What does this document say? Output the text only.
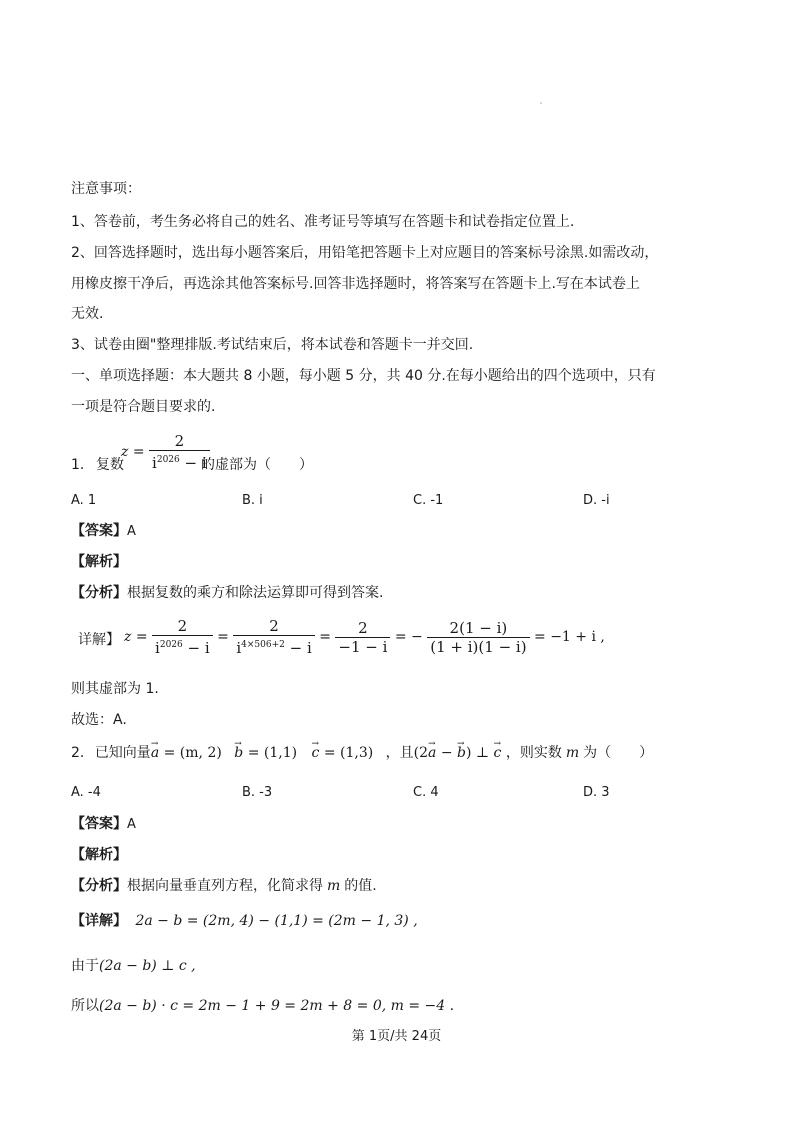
注意事项：
1、答卷前，考生务必将自己的姓名、准考证号等填写在答题卡和试卷指定位置上.
2、回答选择题时，选出每小题答案后，用铅笔把答题卡上对应题目的答案标号涂黑.如需改动，
用橡皮擦干净后，再选涂其他答案标号.回答非选择题时，将答案写在答题卡上.写在本试卷上
无效.
3、试卷由圈"整理排版.考试结束后，将本试卷和答题卡一并交回.
一、单项选择题：本大题共 8 小题，每小题 5 分，共 40 分.在每小题给出的四个选项中，只有
一项是符合题目要求的.
1. 复数
$z = \frac{2}{i^{2026} - i}$
的虚部为（　　）
A. 1	B. i	C. -1	D. -i
【答案】A
【解析】
【分析】根据复数的乘方和除法运算即可得到答案.
详解】 $z = \frac{2}{i^{2026} - i} = \frac{2}{i^{4\times 506+2} - i} = \frac{2}{-1 - i}$ = − $\frac{2(1 - i)}{(1 + i)(1 - i)} = -1 + i$ ,
则其虚部为 1.
故选：A.
2. 已知向量→ a = (m, 2) → b = (1,1) → c = (1,3) ，且(2→ a − → b) ⊥ → c ，则实数 m 为（　　）
A. -4	B. -3	C. 4	D. 3
【答案】A
【解析】
【分析】根据向量垂直列方程，化简求得 m 的值.
【详解】 2a − b = (2m, 4) − (1,1) = (2m − 1, 3) ,
由于(2a − b) ⊥ c ,
所以(2a − b) · c = 2m − 1 + 9 = 2m + 8 = 0, m = −4 .
第 1页/共 24页
